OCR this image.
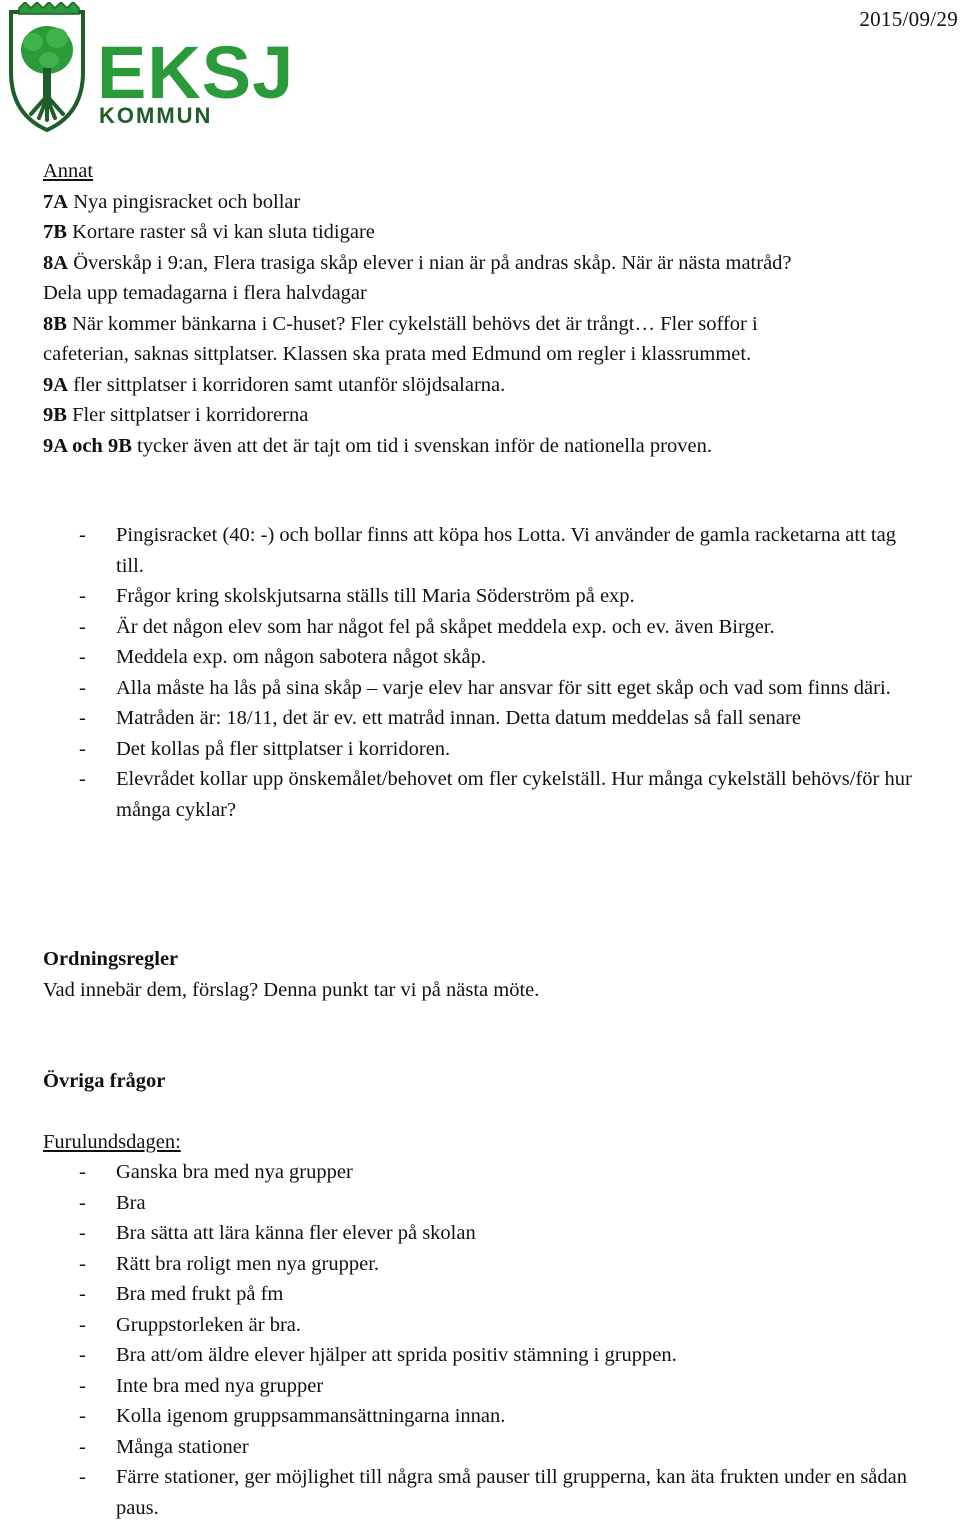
EKSJ
KOMMUN
2015/09/29
Annat
7A Nya pingisracket och bollar
7B Kortare raster så vi kan sluta tidigare
8A Överskåp i 9:an, Flera trasiga skåp elever i nian är på andras skåp. När är nästa matråd?
Dela upp temadagarna i flera halvdagar
8B När kommer bänkarna i C-huset? Fler cykelställ behövs det är trångt… Fler soffor i
cafeterian, saknas sittplatser. Klassen ska prata med Edmund om regler i klassrummet.
9A fler sittplatser i korridoren samt utanför slöjdsalarna.
9B Fler sittplatser i korridorerna
9A och 9B tycker även att det är tajt om tid i svenskan inför de nationella proven.
- Pingisracket (40: -) och bollar finns att köpa hos Lotta. Vi använder de gamla racketarna att tag till.
- Frågor kring skolskjutsarna ställs till Maria Söderström på exp.
- Är det någon elev som har något fel på skåpet meddela exp. och ev. även Birger.
- Meddela exp. om någon sabotera något skåp.
- Alla måste ha lås på sina skåp – varje elev har ansvar för sitt eget skåp och vad som finns däri.
- Matråden är: 18/11, det är ev. ett matråd innan. Detta datum meddelas så fall senare
- Det kollas på fler sittplatser i korridoren.
- Elevrådet kollar upp önskemålet/behovet om fler cykelställ. Hur många cykelställ behövs/för hur många cyklar?
Ordningsregler
Vad innebär dem, förslag? Denna punkt tar vi på nästa möte.
Övriga frågor
Furulundsdagen:
- Ganska bra med nya grupper
- Bra
- Bra sätta att lära känna fler elever på skolan
- Rätt bra roligt men nya grupper.
- Bra med frukt på fm
- Gruppstorleken är bra.
- Bra att/om äldre elever hjälper att sprida positiv stämning i gruppen.
- Inte bra med nya grupper
- Kolla igenom gruppsammansättningarna innan.
- Många stationer
- Färre stationer, ger möjlighet till några små pauser till grupperna, kan äta frukten under en sådan paus.
